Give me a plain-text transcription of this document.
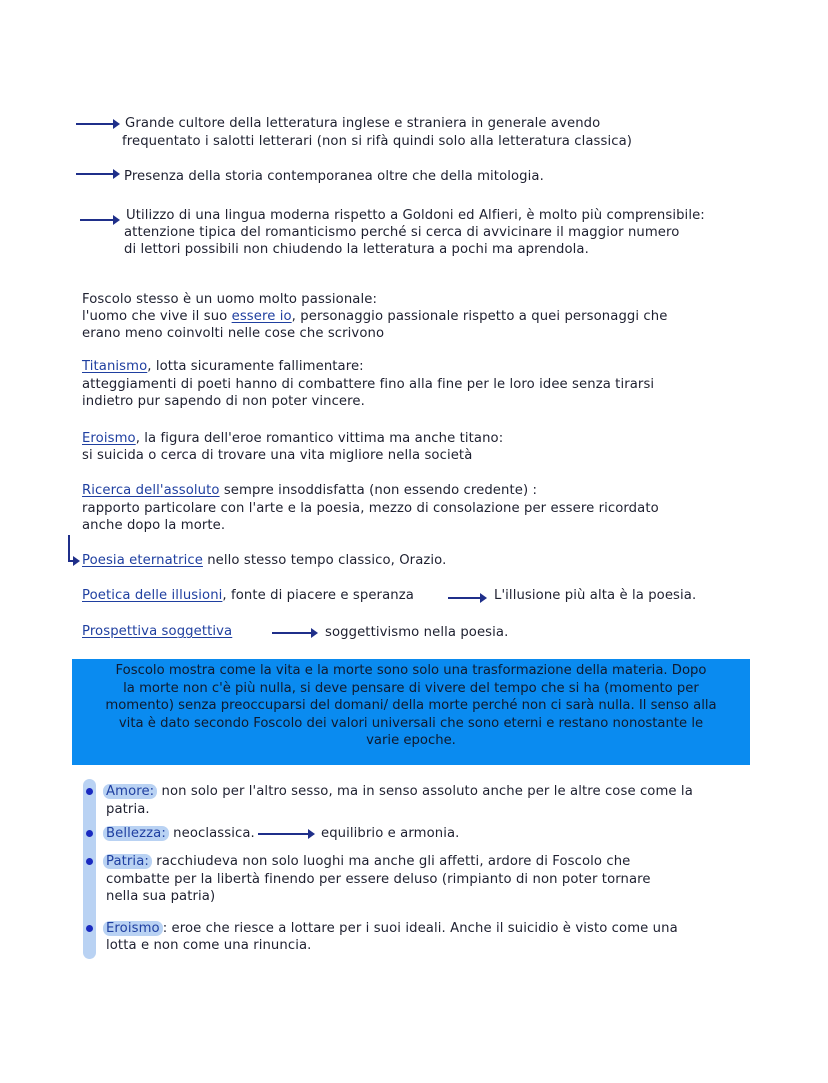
Grande cultore della letteratura inglese e straniera in generale avendo
frequentato i salotti letterari (non si rifà quindi solo alla letteratura classica)
Presenza della storia contemporanea oltre che della mitologia.
Utilizzo di una lingua moderna rispetto a Goldoni ed Alfieri, è molto più comprensibile:
attenzione tipica del romanticismo perché si cerca di avvicinare il maggior numero
di lettori possibili non chiudendo la letteratura a pochi ma aprendola.
Foscolo stesso è un uomo molto passionale:
l'uomo che vive il suo essere io, personaggio passionale rispetto a quei personaggi che
erano meno coinvolti nelle cose che scrivono
Titanismo, lotta sicuramente fallimentare:
atteggiamenti di poeti hanno di combattere fino alla fine per le loro idee senza tirarsi
indietro pur sapendo di non poter vincere.
Eroismo, la figura dell'eroe romantico vittima ma anche titano:
si suicida o cerca di trovare una vita migliore nella società
Ricerca dell'assoluto sempre insoddisfatta (non essendo credente) :
rapporto particolare con l'arte e la poesia, mezzo di consolazione per essere ricordato
anche dopo la morte.
Poesia eternatrice nello stesso tempo classico, Orazio.
Poetica delle illusioni, fonte di piacere e speranza	L'illusione più alta è la poesia.
Prospettiva soggettiva	soggettivismo nella poesia.
Foscolo mostra come la vita e la morte sono solo una trasformazione della materia. Dopo
la morte non c'è più nulla, si deve pensare di vivere del tempo che si ha (momento per
momento) senza preoccuparsi del domani/ della morte perché non ci sarà nulla. Il senso alla
vita è dato secondo Foscolo dei valori universali che sono eterni e restano nonostante le
varie epoche.
Amore: non solo per l'altro sesso, ma in senso assoluto anche per le altre cose come la
patria.
Bellezza: neoclassica.	equilibrio e armonia.
Patria: racchiudeva non solo luoghi ma anche gli affetti, ardore di Foscolo che
combatte per la libertà finendo per essere deluso (rimpianto di non poter tornare
nella sua patria)
Eroismo : eroe che riesce a lottare per i suoi ideali. Anche il suicidio è visto come una
lotta e non come una rinuncia.
